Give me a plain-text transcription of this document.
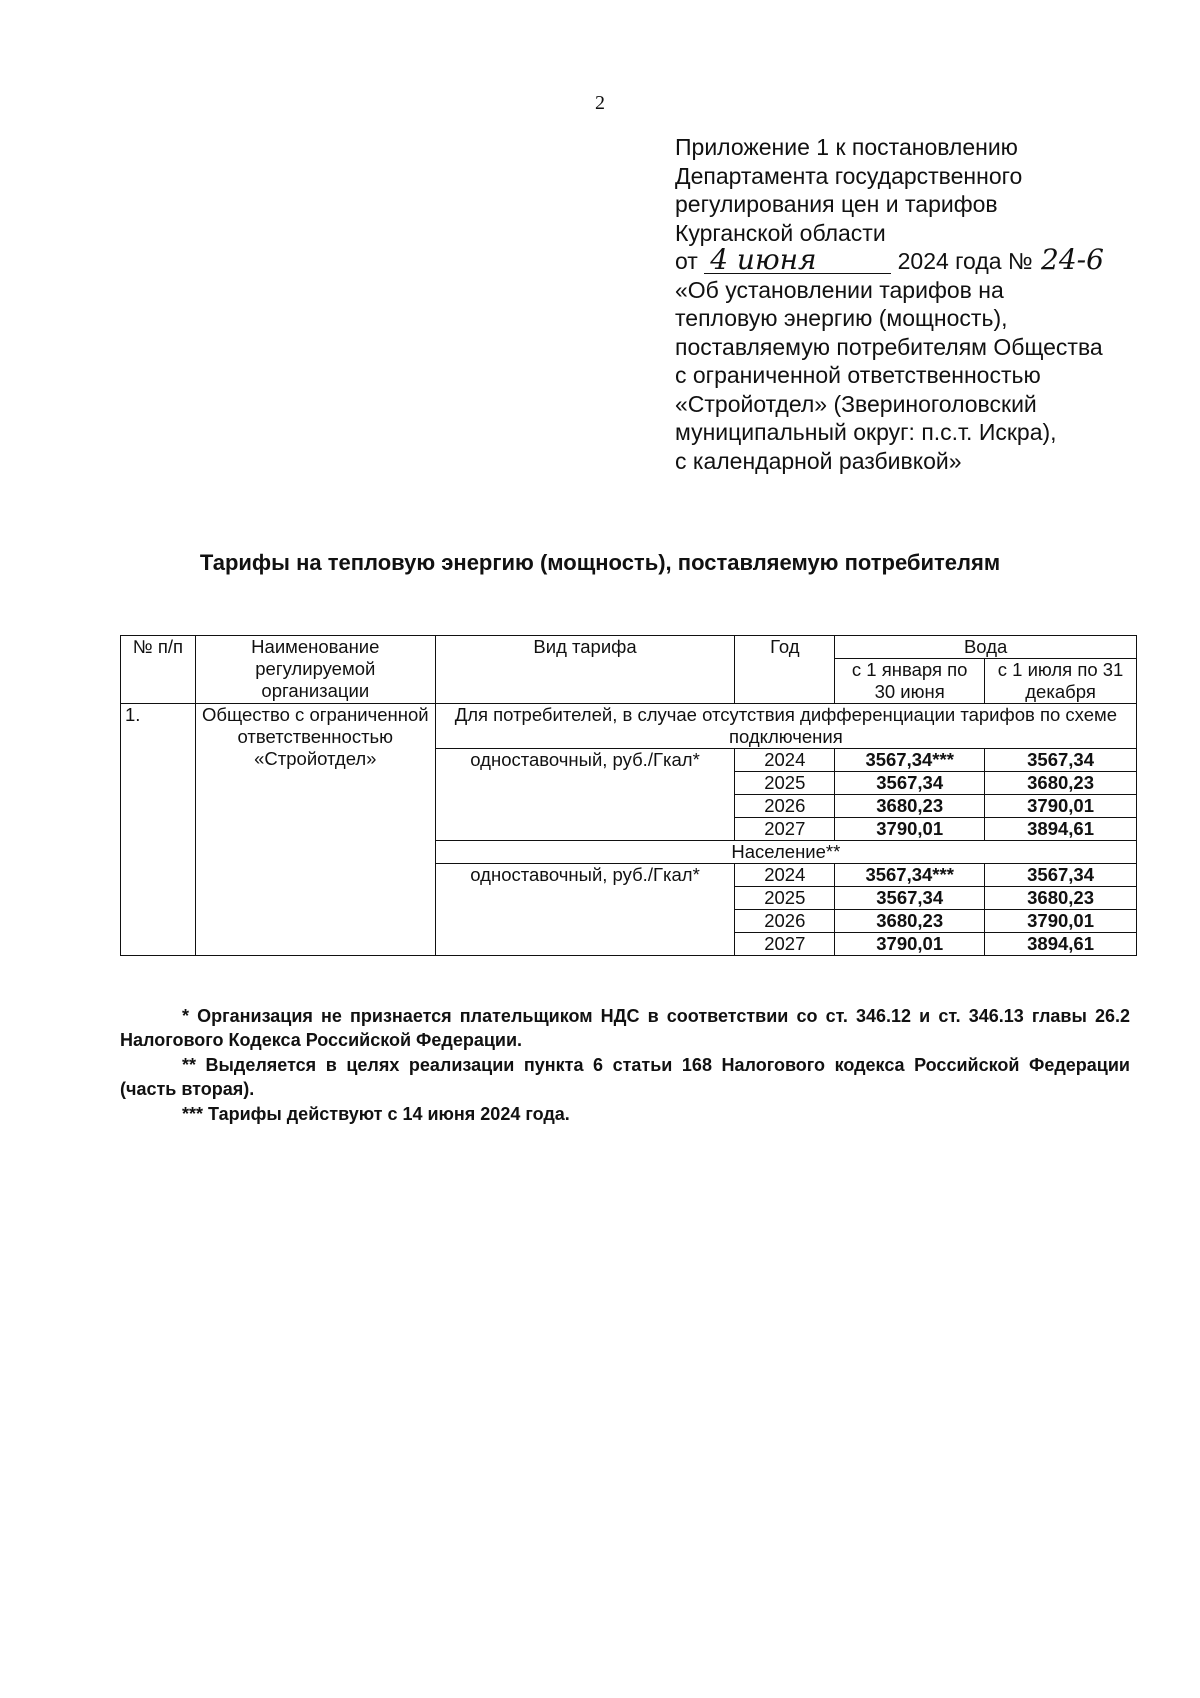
2
Приложение 1 к постановлению
Департамента государственного
регулирования цен и тарифов
Курганской области
от 4 июня	2024 года № 24-6
«Об установлении тарифов на
тепловую энергию (мощность),
поставляемую потребителям Общества
с ограниченной ответственностью
«Стройотдел» (Звериноголовский
муниципальный округ: п.с.т. Искра),
с календарной разбивкой»
Тарифы на тепловую энергию (мощность), поставляемую потребителям
№ п/п	Наименование регулируемой организации	Вид тарифа	Год	Вода	
				с 1 января по 30 июня	с 1 июля по 31 декабря
1.	Общество с ограниченной ответственностью «Стройотдел»	Для потребителей, в случае отсутствия дифференциации тарифов по схеме подключения			
		одноставочный, руб./Гкал*	2024	3567,34***	3567,34
			2025	3567,34	3680,23
			2026	3680,23	3790,01
			2027	3790,01	3894,61
		Население**			
		одноставочный, руб./Гкал*	2024	3567,34***	3567,34
			2025	3567,34	3680,23
			2026	3680,23	3790,01
			2027	3790,01	3894,61

* Организация не признается плательщиком НДС в соответствии со ст. 346.12 и ст. 346.13 главы 26.2 Налогового Кодекса Российской Федерации.

** Выделяется в целях реализации пункта 6 статьи 168 Налогового кодекса Российской Федерации (часть вторая).

*** Тарифы действуют с 14 июня 2024 года.
